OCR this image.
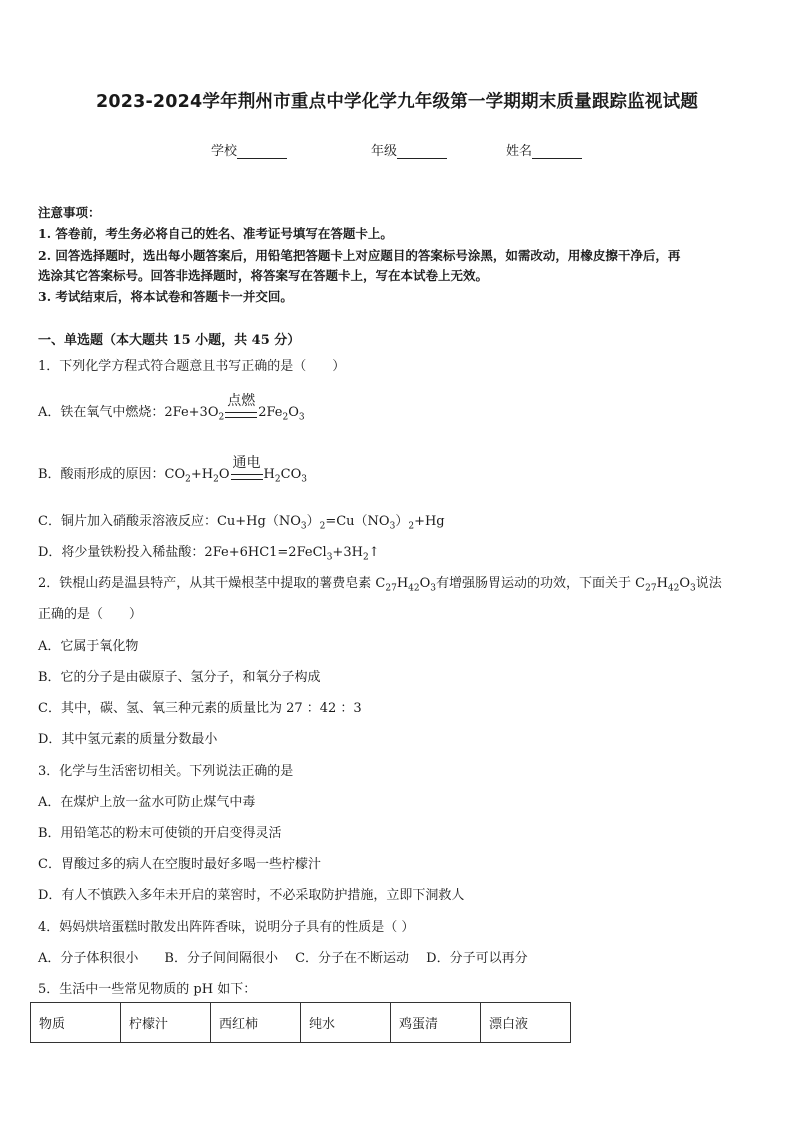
2023-2024学年荆州市重点中学化学九年级第一学期期末质量跟踪监视试题
学校	年级	姓名
注意事项：
1. 答卷前，考生务必将自己的姓名、准考证号填写在答题卡上。
2. 回答选择题时，选出每小题答案后，用铅笔把答题卡上对应题目的答案标号涂黑，如需改动，用橡皮擦干净后，再
选涂其它答案标号。回答非选择题时，将答案写在答题卡上，写在本试卷上无效。
3. 考试结束后，将本试卷和答题卡一并交回。
一、单选题（本大题共 15 小题，共 45 分）
1．下列化学方程式符合题意且书写正确的是（　　）
A．铁在氧气中燃烧：$2Fe+3O_2$
点燃
$2Fe_2O_3$
B．酸雨形成的原因：$CO_2+H_2O$
通电
$H_2CO_3$
C．铜片加入硝酸汞溶液反应：$Cu+Hg(NO_3)_2=Cu(NO_3)_2+Hg$
D．将少量铁粉投入稀盐酸：$2Fe+6HC1=2FeCl_3+3H_2↑$
2．铁棍山药是温县特产，从其干燥根茎中提取的薯费皂素 $C_{27}H_{42}O_3$有增强肠胃运动的功效，下面关于 $C_{27}H_{42}O_3$说法
正确的是（　　）
A．它属于氧化物
B．它的分子是由碳原子、氢分子，和氧分子构成
C．其中，碳、氢、氧三种元素的质量比为 27 ：42 ：3
D．其中氢元素的质量分数最小
3．化学与生活密切相关。下列说法正确的是
A．在煤炉上放一盆水可防止煤气中毒
B．用铅笔芯的粉末可使锁的开启变得灵活
C．胃酸过多的病人在空腹时最好多喝一些柠檬汁
D．有人不慎跌入多年未开启的菜窖时，不必采取防护措施，立即下洞救人
4．妈妈烘培蛋糕时散发出阵阵香味，说明分子具有的性质是（ ）
A．分子体积很小　　B．分子间间隔很小　 C．分子在不断运动　 D．分子可以再分
5．生活中一些常见物质的 pH 如下：
物质	柠檬汁	西红柿	纯水	鸡蛋清	漂白液
